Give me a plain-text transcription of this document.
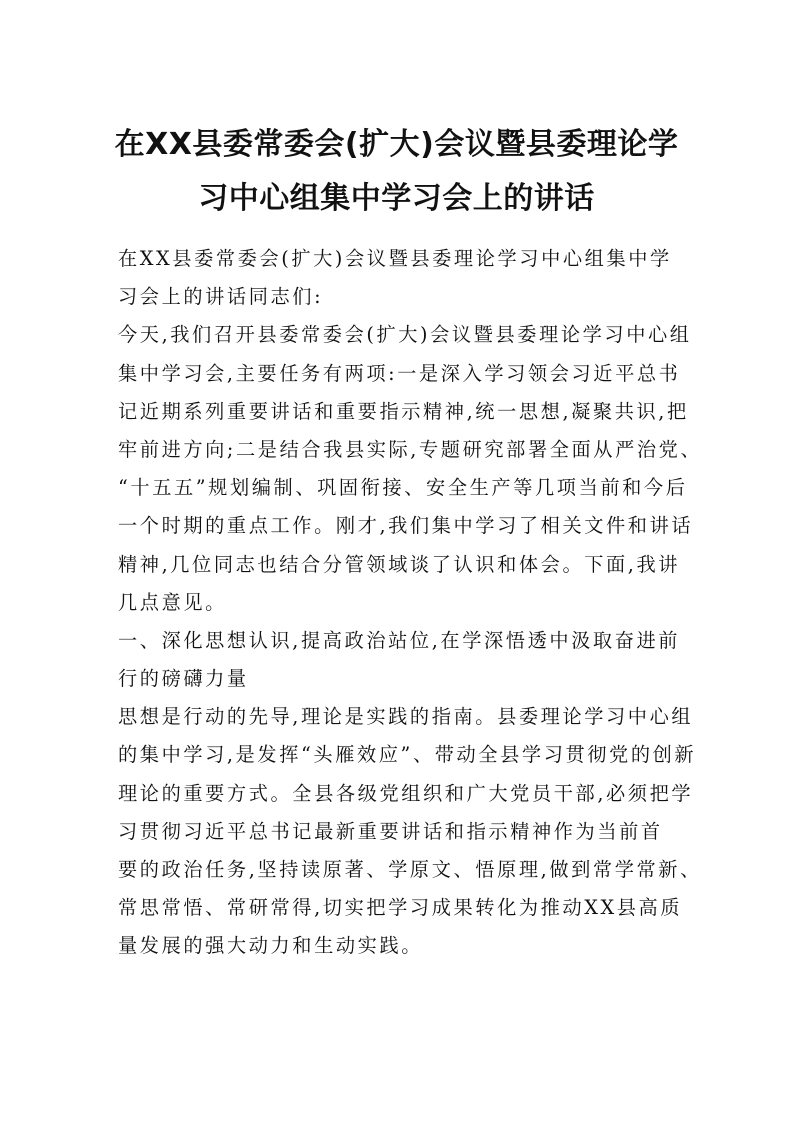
在XX县委常委会(扩大)会议暨县委理论学
习中心组集中学习会上的讲话
在XX县委常委会(扩大)会议暨县委理论学习中心组集中学
习会上的讲话同志们:
今天,我们召开县委常委会(扩大)会议暨县委理论学习中心组
集中学习会,主要任务有两项:一是深入学习领会习近平总书
记近期系列重要讲话和重要指示精神,统一思想,凝聚共识,把
牢前进方向;二是结合我县实际,专题研究部署全面从严治党、
“十五五”规划编制、巩固衔接、安全生产等几项当前和今后
一个时期的重点工作。刚才,我们集中学习了相关文件和讲话
精神,几位同志也结合分管领域谈了认识和体会。下面,我讲
几点意见。
一、深化思想认识,提高政治站位,在学深悟透中汲取奋进前
行的磅礴力量
思想是行动的先导,理论是实践的指南。县委理论学习中心组
的集中学习,是发挥“头雁效应”、带动全县学习贯彻党的创新
理论的重要方式。全县各级党组织和广大党员干部,必须把学
习贯彻习近平总书记最新重要讲话和指示精神作为当前首
要的政治任务,坚持读原著、学原文、悟原理,做到常学常新、
常思常悟、常研常得,切实把学习成果转化为推动XX县高质
量发展的强大动力和生动实践。
